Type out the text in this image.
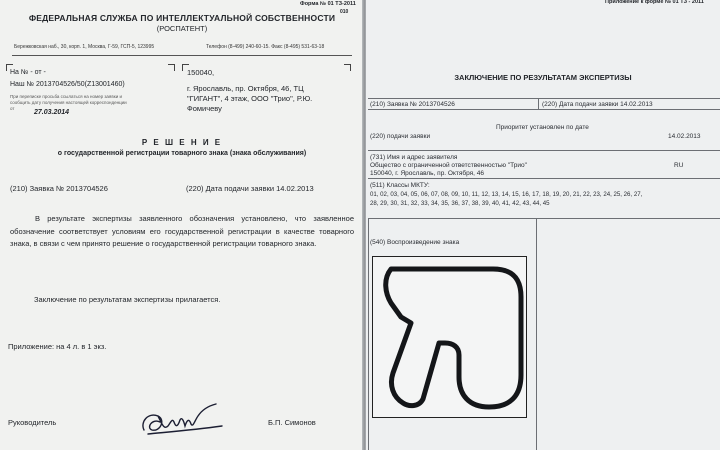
Форма № 01 ТЗ-2011
010
ФЕДЕРАЛЬНАЯ СЛУЖБА ПО ИНТЕЛЛЕКТУАЛЬНОЙ СОБСТВЕННОСТИ
(РОСПАТЕНТ)
Бережковская наб., 30, корп. 1, Москва, Г-59, ГСП-5, 123995	Телефон (8-499) 240-60-15. Факс (8-495) 531-63-18
На № - от -
Наш № 2013704526/50(Z13001460)
При переписке просьба ссылаться на номер заявки и
сообщить дату получения настоящей корреспонденции
от
27.03.2014
150040,
г. Ярославль, пр. Октября, 46, ТЦ
"ГИГАНТ", 4 этаж, ООО "Трио", Р.Ю.
Фомичеву
Р Е Ш Е Н И Е
о государственной регистрации товарного знака (знака обслуживания)
(210) Заявка № 2013704526	(220) Дата подачи заявки 14.02.2013
В результате экспертизы заявленного обозначения установлено, что заявленное обозначение соответствует условиям его государственной регистрации в качестве товарного знака, в связи с чем принято решение о государственной регистрации товарного знака.
Заключение по результатам экспертизы прилагается.
Приложение: на 4 л. в 1 экз.
Руководитель	Б.П. Симонов
Приложение к форме № 01 ТЗ - 2011
ЗАКЛЮЧЕНИЕ ПО РЕЗУЛЬТАТАМ ЭКСПЕРТИЗЫ
(210) Заявка № 2013704526	(220) Дата подачи заявки 14.02.2013
Приоритет установлен по дате
(220) подачи заявки	14.02.2013
(731) Имя и адрес заявителя
Общество с ограниченной ответственностью "Трио"	RU
150040, г. Ярославль, пр. Октября, 46
(511) Классы МКТУ:
01, 02, 03, 04, 05, 06, 07, 08, 09, 10, 11, 12, 13, 14, 15, 16, 17, 18, 19, 20, 21, 22, 23, 24, 25, 26, 27,
28, 29, 30, 31, 32, 33, 34, 35, 36, 37, 38, 39, 40, 41, 42, 43, 44, 45
(540) Воспроизведение знака
